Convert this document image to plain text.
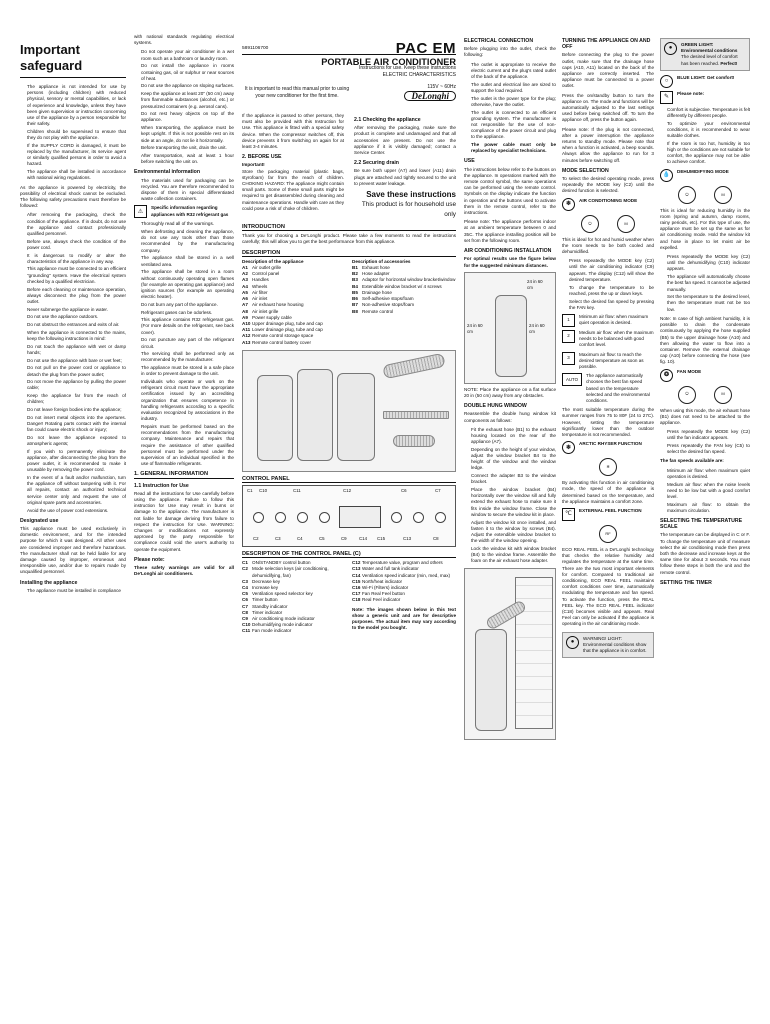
Important safeguard
• The appliance is not intended for use by persons (including children) with reduced physical, sensory or mental capabilities, or lack of experience and knowledge, unless they have been given supervision or instruction concerning use of the appliance by a person responsible for their safety.
• Children should be supervised to ensure that they do not play with the appliance.
• If the SUPPLY CORD is damaged, it must be replaced by the manufacturer, its service agent or similarly qualified persons in order to avoid a hazard.
• The appliance shall be installed in accordance with national wiring regulations.

As the appliance is powered by electricity, the possibility of electrical shock cannot be excluded. The following safety precautions must therefore be followed:

• After removing the packaging, check the condition of the appliance. If in doubt, do not use the appliance and contact professionally qualified personnel.
• Before use, always check the condition of the power cord.
• It is dangerous to modify or alter the characteristics of the appliance in any way.
• This appliance must be connected to an efficient "grounding" system. Have the electrical system checked by a qualified electrician.
• Before each cleaning or maintenance operation, always disconnect the plug from the power outlet.
• Never submerge the appliance in water.
• Do not use the appliance outdoors.
• Do not obstruct the entrances and exits of air.
• When the appliance is connected to the mains, keep the following instructions in mind:
• Do not touch the appliance with wet or damp hands;
• Do not use the appliance with bare or wet feet;
• Do not pull on the power cord or appliance to detach the plug from the power outlet;
• Do not move the appliance by pulling the power cable;
• Keep the appliance far from the reach of children;
• Do not leave foreign bodies into the appliance;
• Do not insert metal objects into the apertures. Danger! Rotating parts contact with the internal fan could cause electric shock or injury;
• Do not leave the appliance exposed to atmospheric agents;
• If you wish to permanently eliminate the appliance, after disconnecting the plug from the power outlet, it is recommended to make it unusable by removing the power cord.
• In the event of a fault and/or malfunction, turn the appliance off without tampering with it. For all repairs, contact an authorized technical service center only and request the use of original spare parts and accessories.
• Avoid the use of power cord extensions.
Designated use

This appliance must be used exclusively in domestic environment, and for the intended purpose for which it was designed. All other uses are considered improper and therefore hazardous. The manufacturer shall not be held liable for any damage caused by improper, erroneous and irresponsible use, and/or due to repairs made by unqualified personnel.

Installing the appliance
• The appliance must be installed in compliance

with national standards regulating electrical systems.

• Do not operate your air conditioner in a wet room such as a bathroom or laundry room.
• Do not install the appliance in rooms containing gas, oil or sulphur or near sources of heat.
• Do not use the appliance on sloping surfaces.
• Keep the appliance at least 20" (50 cm) away from flammable substances (alcohol, etc.) or pressurized containers (e.g. aerosol cans).
• Do not rest heavy objects on top of the appliance.
• When transporting, the appliance must be kept upright. If this is not possible rest on its side at an angle, do not lie it horizontally.
• Before transporting the unit, drain the unit.
• After transportation, wait at least 1 hour before switching the unit on.
Environmental information
• The materials used for packaging can be recycled. You are therefore recommended to dispose of them in special differentiated waste collection containers.
⚠
Specific information regarding appliances with R32 refrigerant gas
• Thoroughly read all of the warnings.
• When defrosting and cleaning the appliance, do not use any tools other than those recommended by the manufacturing company.
• The appliance shall be stored in a well ventilated area.
• The appliance shall be stored in a room without continuously operating open flames (for example an operating gas appliance) and ignition sources (for example an operating electric heater).
• Do not burn any part of the appliance.
• Refrigerant gases can be odorless.
• This appliance contains R32 refrigerant gas. (For more details on the refrigerant, see back cover).
• Do not puncture any part of the refrigerant circuit.
• The servicing shall be performed only as recommended by the manufacturer.
• The appliance must be stored in a safe place in order to prevent damage to the unit.
• Individuals who operate or work on the refrigerant circuit must have the appropriate certification issued by an accrediting organization that ensures competence in handling refrigerants according to a specific evaluation recognized by associations in the industry.
• Repairs must be performed based on the recommendations from the manufacturing company. Maintenance and repairs that require the assistance of other qualified personnel must be performed under the supervision of an individual specified in the use of flammable refrigerants.
1. GENERAL INFORMATION
1.1 Instruction for Use

Read all the instructions for Use carefully before using the appliance. Failure to follow this instruction for Use may result in burns or damage to the appliance. The manufacturer is not liable for damage deriving from failure to respect the instruction for Use. WARNING: Changes or modifications not expressly approved by the party responsible for compliance could void the user's authority to operate the equipment.

Please note:

These safety warnings are valid for all De'Longhi air conditioners.

5891106700	PAC EM
PORTABLE AIR CONDITIONER
Instructions for use. Keep these instructions
ELECTRIC CHARACTERISTICS
It is important to read this manual prior to using your new conditioner for the first time.
115V ~ 60Hz
DeLonghi

If the appliance is passed to other persons, they must also be provided with this Instruction for Use. This appliance is fitted with a special safety device. When the compressor switches off, this device prevents it from switching on again for at least 3-4 minutes.

2. BEFORE USE
Important!

Store the packaging material (plastic bags, styrofoam) far from the reach of children. CHOKING HAZARD: The appliance might contain small parts. Some of these small parts might be required to get disassembled during cleaning and maintenance operations. Handle with care as they could pose a risk of choke of children.

2.1 Checking the appliance

After removing the packaging, make sure the product is complete and undamaged and that all accessories are present. Do not use the appliance if it is visibly damaged; contact a Service Center.

2.2 Securing drain

Be sure both upper (A7) and lower (A11) drain plugs are attached and tightly secured to the unit to prevent water leakage.

Save these instructions
This product is for household use only
INTRODUCTION

Thank you for choosing a De'Longhi product. Please take a few moments to read the instructions carefully; this will allow you to get the best performance from this appliance.

DESCRIPTION
Description of the appliance
A1 Air outlet grille
A2 Control panel
A3 Handles
A4 Wheels
A5 Air filter
A6 Air inlet
A7 Air exhaust hose housing
A8 Air inlet grille
A9 Power supply cable
A10 Upper drainage plug, tube and cap
A11 Lower drainage plug, tube and cap
A12 Remote control storage space
A13 Remote control battery cover
Description of accessories
B1 Exhaust hose
B2 Hose adapter
B3 Adaptor for horizontal window bracket/window
B4 Extendible window bracket w/ 4 screws
B5 Drainage hose
B6 Self-adhesive stops/foam
B7 Non-adhesive stops/foam
B8 Remote control
CONTROL PANEL
C1 C10	C11	C12	C6	C7
C2	C3	C4	C5	C9	C14 C15	C13	C8
DESCRIPTION OF THE CONTROL PANEL (C)
C1 ON/STANDBY control button
C2 Mode selection keys (air conditioning, dehumidifying, fan)
C3 Decrease key
C4 Increase key
C5 Ventilation speed selector key
C6 Timer button
C7 Standby indicator
C8 Timer indicator
C9 Air conditioning mode indicator
C10 Dehumidifying mode indicator
C11 Fan mode indicator
C12 Temperature value, program and others
C13 Water and full tank indicator
C14 Ventilation speed indicator (min, med, max)
C15 North/heat indicator
C16 Wi-Fi (Filters) indicator
C17 Fan Real Feel button
C18 Real Feel indicator

Note: The images shown below in this text show a generic unit and are for descriptive purposes. The actual item may vary according to the model you bought.

ELECTRICAL CONNECTION

Before plugging into the outlet, check the following:

• The outlet is appropriate to receive the electric current and the plug's rated outlet of the back of the appliance.
• The outlet and electrical line are sized to support the load required.
• The outlet is the power type for the plug; otherwise, have the outlet.
• The outlet is connected to an efficient grounding system. The manufacturer is not responsible for the use of non-compliance of the power circuit and plug to the appliance.
• The power cable must only be replaced by specialist technicians.
USE

The instructions below refer to the buttons on the appliance. In operations marked with the remote control symbol, the same operations can be performed using the remote control. Symbols on the display indicate the function in operation and the buttons used to activate them in the remote control, refer to the instructions.

Please note: The appliance performs indoor at an ambient temperature between 0 and 35C. The appliance installing position will be set from the following room.

AIR CONDITIONING INSTALLATION

For optimal results use the figure below for the suggested minimum distances.

24 in 60 cm
24 in 60 cm
24 in 60 cm

NOTE: Place the appliance on a flat surface 20 in (50 cm) away from any obstacles.

DOUBLE HUNG WINDOW

Reassemble the double hung window kit components as follows:

• Fit the exhaust hose (B1) to the exhaust housing located on the rear of the appliance (A7).
• Depending on the height of your window, adjust the window bracket B4 to the height of the window and the window ledge.
• Connect the adapter B3 to the window bracket.
• Place the window bracket (B4) horizontally over the window sill and fully extend the exhaust hose to make sure it fits inside the window frame. Close the window to secure the window kit in place.
• Adjust the window kit once installed, and fasten it to the window by screws (B4). Adjust the extendible window bracket to the width of the window opening.
• Lock the window kit with window bracket (B4) to the window frame. Assemble the foam on the air exhaust hose adapter.
TURNING THE APPLIANCE ON AND OFF

Before connecting the plug to the power outlet, make sure that the drainage hose caps (A10, A11) located on the back of the appliance are correctly inserted. The appliance must be connected to a power outlet.

Press the on/standby button to turn the appliance on. The mode and functions will be automatically adjusted to the last settings used before being switched off. To turn the appliance off, press the button again.

Please note: If the plug is not connected, after a power interruption the appliance returns to standby mode. Please note that when a function is activated, a beep sounds. Always allow the appliance to run for 3 minutes before switching off.

MODE SELECTION

To select the desired operating mode, press repeatedly the MODE key (C2) until the desired function is selected.

❄
AIR CONDITIONING MODE
⏻	M

This is ideal for hot and humid weather when the room needs to be both cooled and dehumidified.

• Press repeatedly the MODE key (C2) until the air conditioning indicator (C9) appears. The display (C12) will show the desired temperature.
• To change the temperature to be reached, press the up or down keys.
• Select the desired fan speed by pressing the FAN key.
1
Minimum air flow: when maximum quiet operation is desired.
2
Medium air flow: when the maximum needs to be balanced with good comfort level.
3
Maximum air flow: to reach the desired temperature as soon as possible.
AUTO
The appliance automatically chooses the best fan speed based on the temperature selected and the environmental conditions.

The most suitable temperature during the summer ranges from 75 to 80F (24 to 27C). However, setting the temperature significantly lower than the outdoor temperature is not recommended.

❄
ARCTIC RHYSER FUNCTION
❄

By activating this function in air conditioning mode, the speed of the appliance is determined based on the temperature, and the appliance maintains a comfort zone.

℃
EXTERNAL FEEL FUNCTION
RF

ECO REAL FEEL is a De'Longhi technology that checks the relative humidity and regulates the temperature at the same time. There are the two most important elements for comfort. Compared to traditional air conditioning, ECO REAL FEEL maintains comfort conditions over time, automatically modulating the temperature and fan speed. To activate the function, press the REAL FEEL key. The ECO REAL FEEL indicator (C18) becomes visible and appears. Real Feel can only be activated if the appliance is operating in the air conditioning mode.

●
WARNING! LIGHT: Environmental conditions show that the appliance is in comfort.
●
GREEN LIGHT: Environmental conditions The desired level of comfort has been reached. Perfect!
○
BLUE LIGHT: Get comfort!
✎
Please note:
• Comfort is subjective. Temperature is felt differently by different people.
• To optimize your environmental conditions, it is recommended to wear suitable clothes.
• If the room is too hot, humidity is too high or the conditions are not suitable for comfort, the appliance may not be able to achieve comfort.
💧
DEHUMIDIFYING MODE
⏻	M

This is ideal for reducing humidity in the room (spring and autumn, damp rooms, rainy periods, etc). For this type of use, the appliance must be set up the same as for air conditioning mode. Hold the window kit and hose in place to let moist air be expelled.

• Press repeatedly the MODE key (C2) until the dehumidifying (C10) indicator appears.
• The appliance will automatically choose the best fan speed. It cannot be adjusted manually.
• Set the temperature to the desired level, then the temperature must not be too low.

Note: In case of high ambient humidity, it is possible to drain the condensate continuously by applying the hose supplied (B5) to the upper drainage hose (A10) and then allowing the water to flow into a container. Remove the external drainage cap (A10) before connecting the hose (see fig. 10).

❂
FAN MODE
⏻	M

When using this mode, the air exhaust hose (B1) does not need to be attached to the appliance.

• Press repeatedly the MODE key (C2) until the fan indicator appears.
• Press repeatedly the FAN key (C5) to select the desired fan speed.

The fan speeds available are:

• Minimum air flow: when maximum quiet operation is desired.
• Medium air flow: when the noise levels need to be low but with a good comfort level.
• Maximum air flow: to obtain the maximum circulation.
SELECTING THE TEMPERATURE SCALE

The temperature can be displayed in C or F. To change the temperature unit of measure select the air conditioning mode then press both the decrease and increase keys at the same time for about 3 seconds. You must follow these steps in both the unit and the remote control.

SETTING THE TIMER
